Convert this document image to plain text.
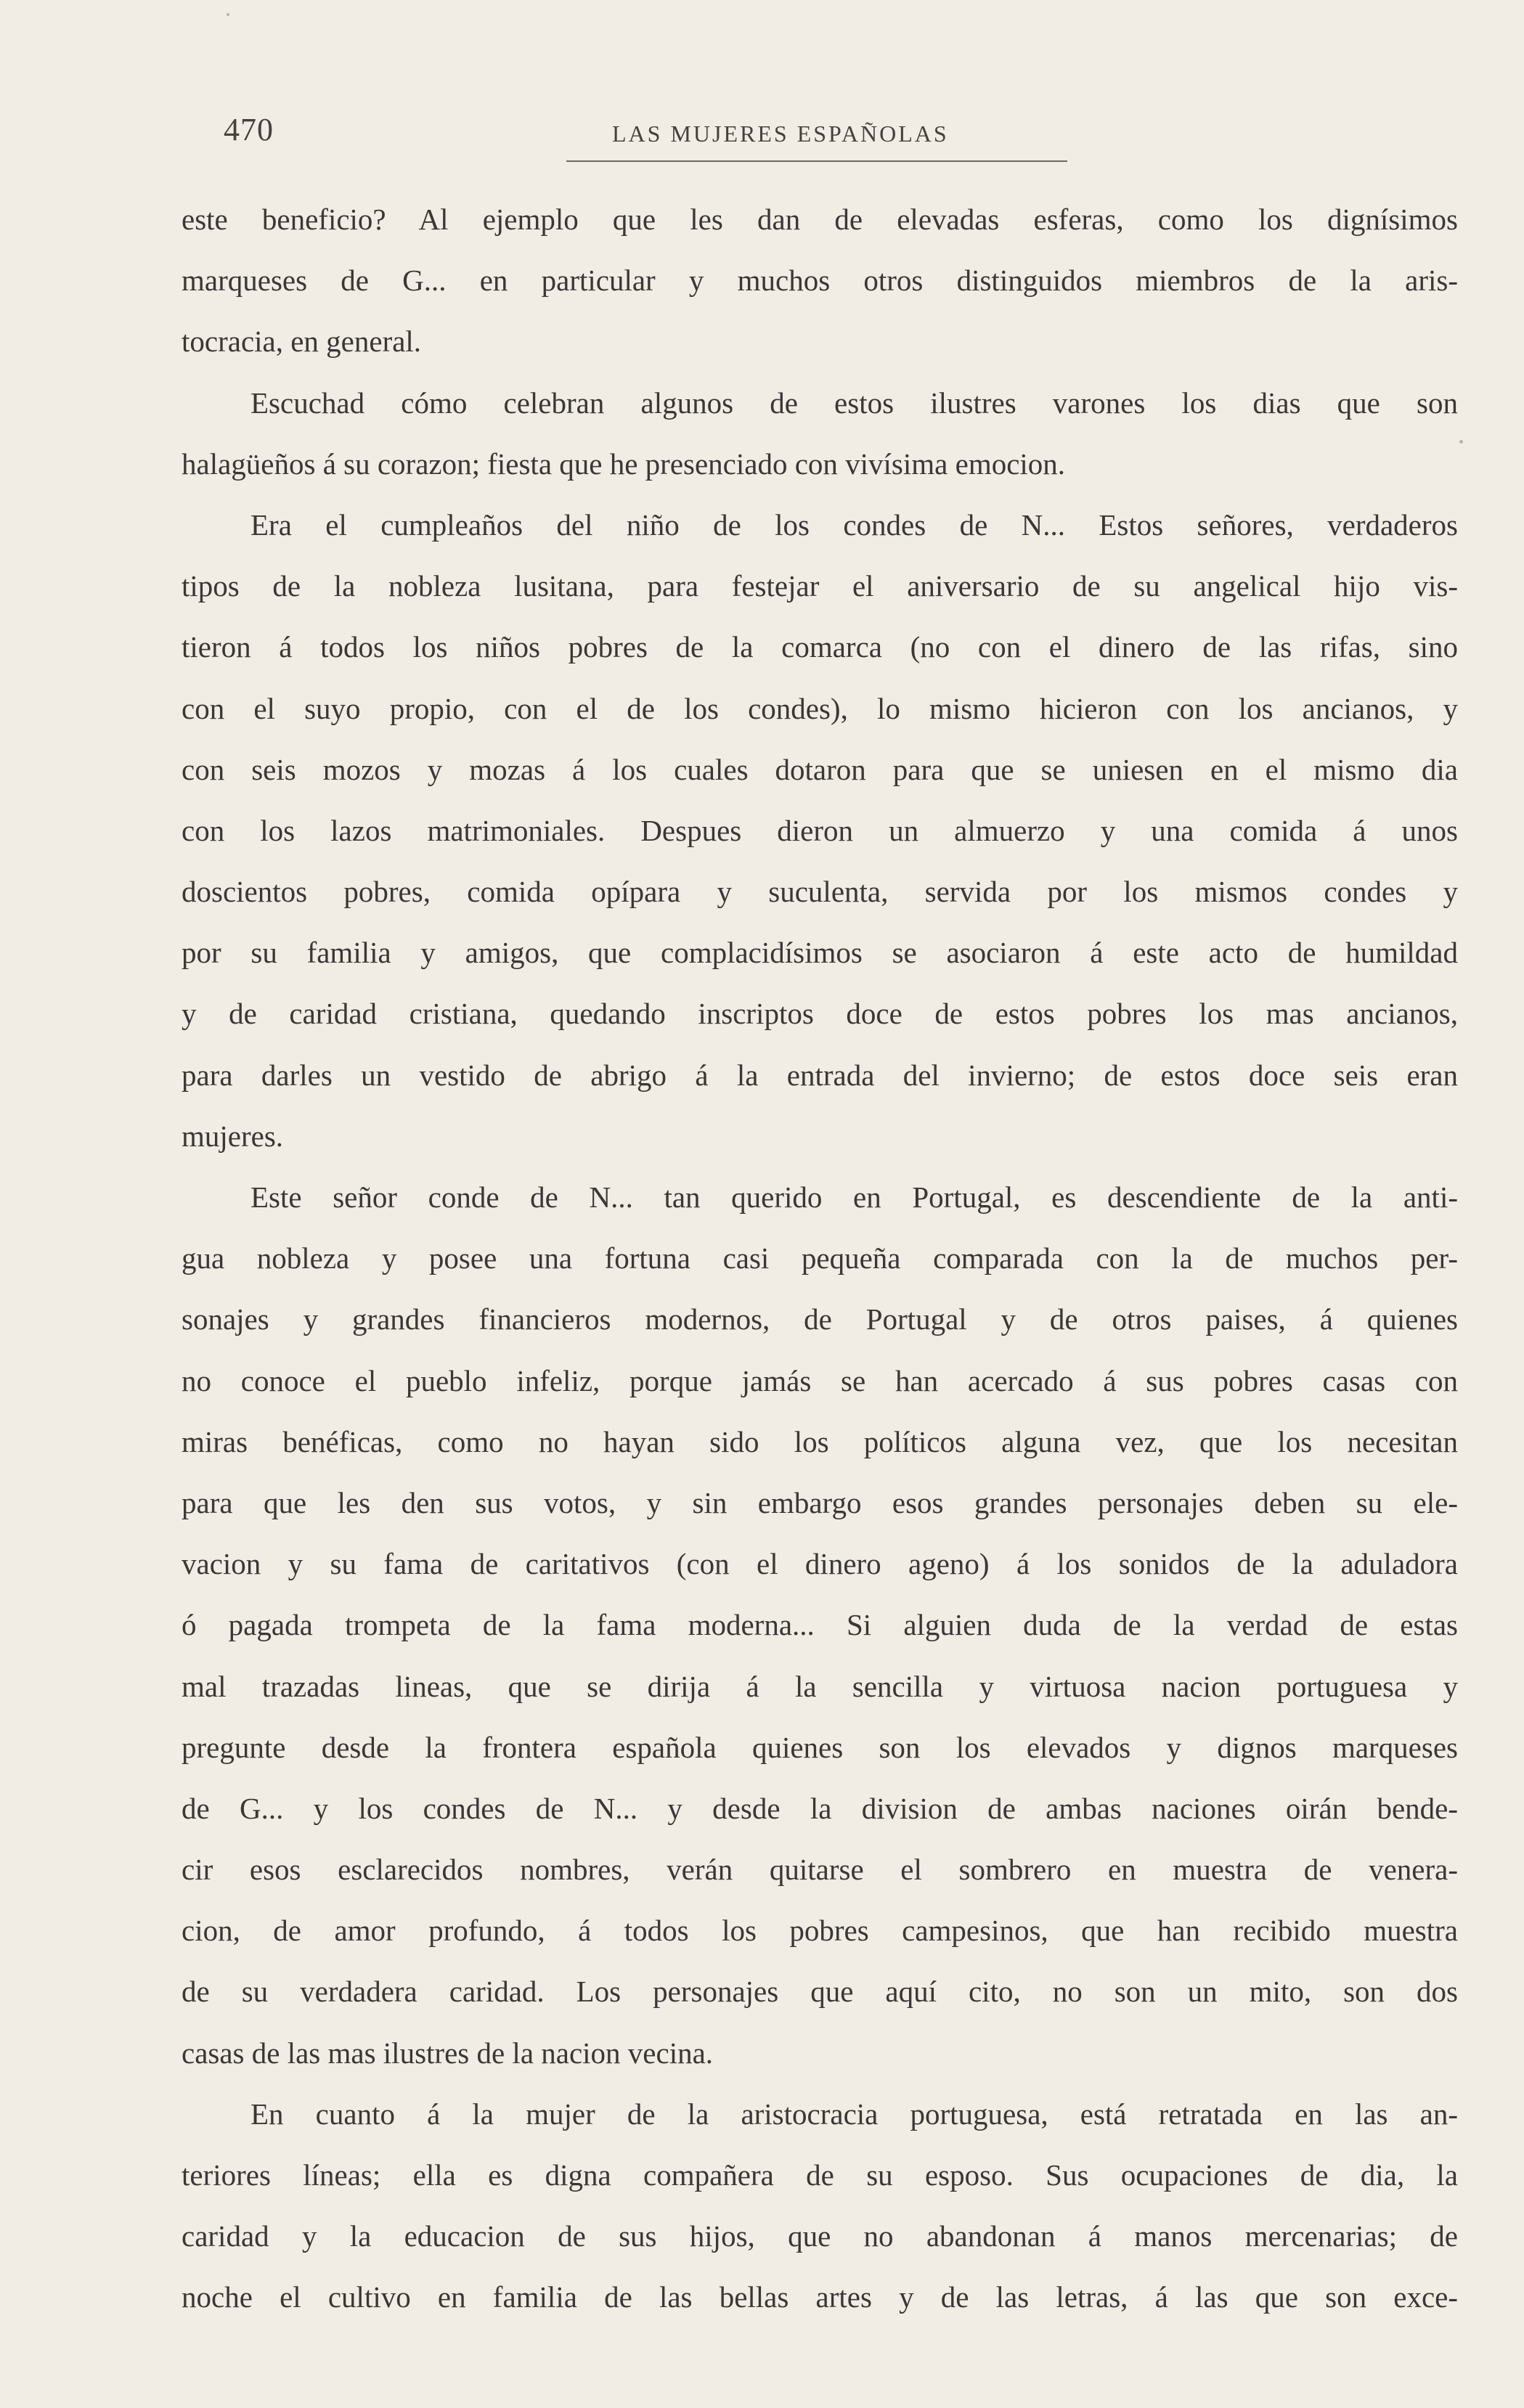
470	LAS MUJERES ESPAÑOLAS
este beneficio? Al ejemplo que les dan de elevadas esferas, como los dignísimos
marqueses de G... en particular y muchos otros distinguidos miembros de la aris-
tocracia, en general.
Escuchad cómo celebran algunos de estos ilustres varones los dias que son
halagüeños á su corazon; fiesta que he presenciado con vivísima emocion.
Era el cumpleaños del niño de los condes de N... Estos señores, verdaderos
tipos de la nobleza lusitana, para festejar el aniversario de su angelical hijo vis-
tieron á todos los niños pobres de la comarca (no con el dinero de las rifas, sino
con el suyo propio, con el de los condes), lo mismo hicieron con los ancianos, y
con seis mozos y mozas á los cuales dotaron para que se uniesen en el mismo dia
con los lazos matrimoniales. Despues dieron un almuerzo y una comida á unos
doscientos pobres, comida opípara y suculenta, servida por los mismos condes y
por su familia y amigos, que complacidísimos se asociaron á este acto de humildad
y de caridad cristiana, quedando inscriptos doce de estos pobres los mas ancianos,
para darles un vestido de abrigo á la entrada del invierno; de estos doce seis eran
mujeres.
Este señor conde de N... tan querido en Portugal, es descendiente de la anti-
gua nobleza y posee una fortuna casi pequeña comparada con la de muchos per-
sonajes y grandes financieros modernos, de Portugal y de otros paises, á quienes
no conoce el pueblo infeliz, porque jamás se han acercado á sus pobres casas con
miras benéficas, como no hayan sido los políticos alguna vez, que los necesitan
para que les den sus votos, y sin embargo esos grandes personajes deben su ele-
vacion y su fama de caritativos (con el dinero ageno) á los sonidos de la aduladora
ó pagada trompeta de la fama moderna... Si alguien duda de la verdad de estas
mal trazadas lineas, que se dirija á la sencilla y virtuosa nacion portuguesa y
pregunte desde la frontera española quienes son los elevados y dignos marqueses
de G... y los condes de N... y desde la division de ambas naciones oirán bende-
cir esos esclarecidos nombres, verán quitarse el sombrero en muestra de venera-
cion, de amor profundo, á todos los pobres campesinos, que han recibido muestra
de su verdadera caridad. Los personajes que aquí cito, no son un mito, son dos
casas de las mas ilustres de la nacion vecina.
En cuanto á la mujer de la aristocracia portuguesa, está retratada en las an-
teriores líneas; ella es digna compañera de su esposo. Sus ocupaciones de dia, la
caridad y la educacion de sus hijos, que no abandonan á manos mercenarias; de
noche el cultivo en familia de las bellas artes y de las letras, á las que son exce-
